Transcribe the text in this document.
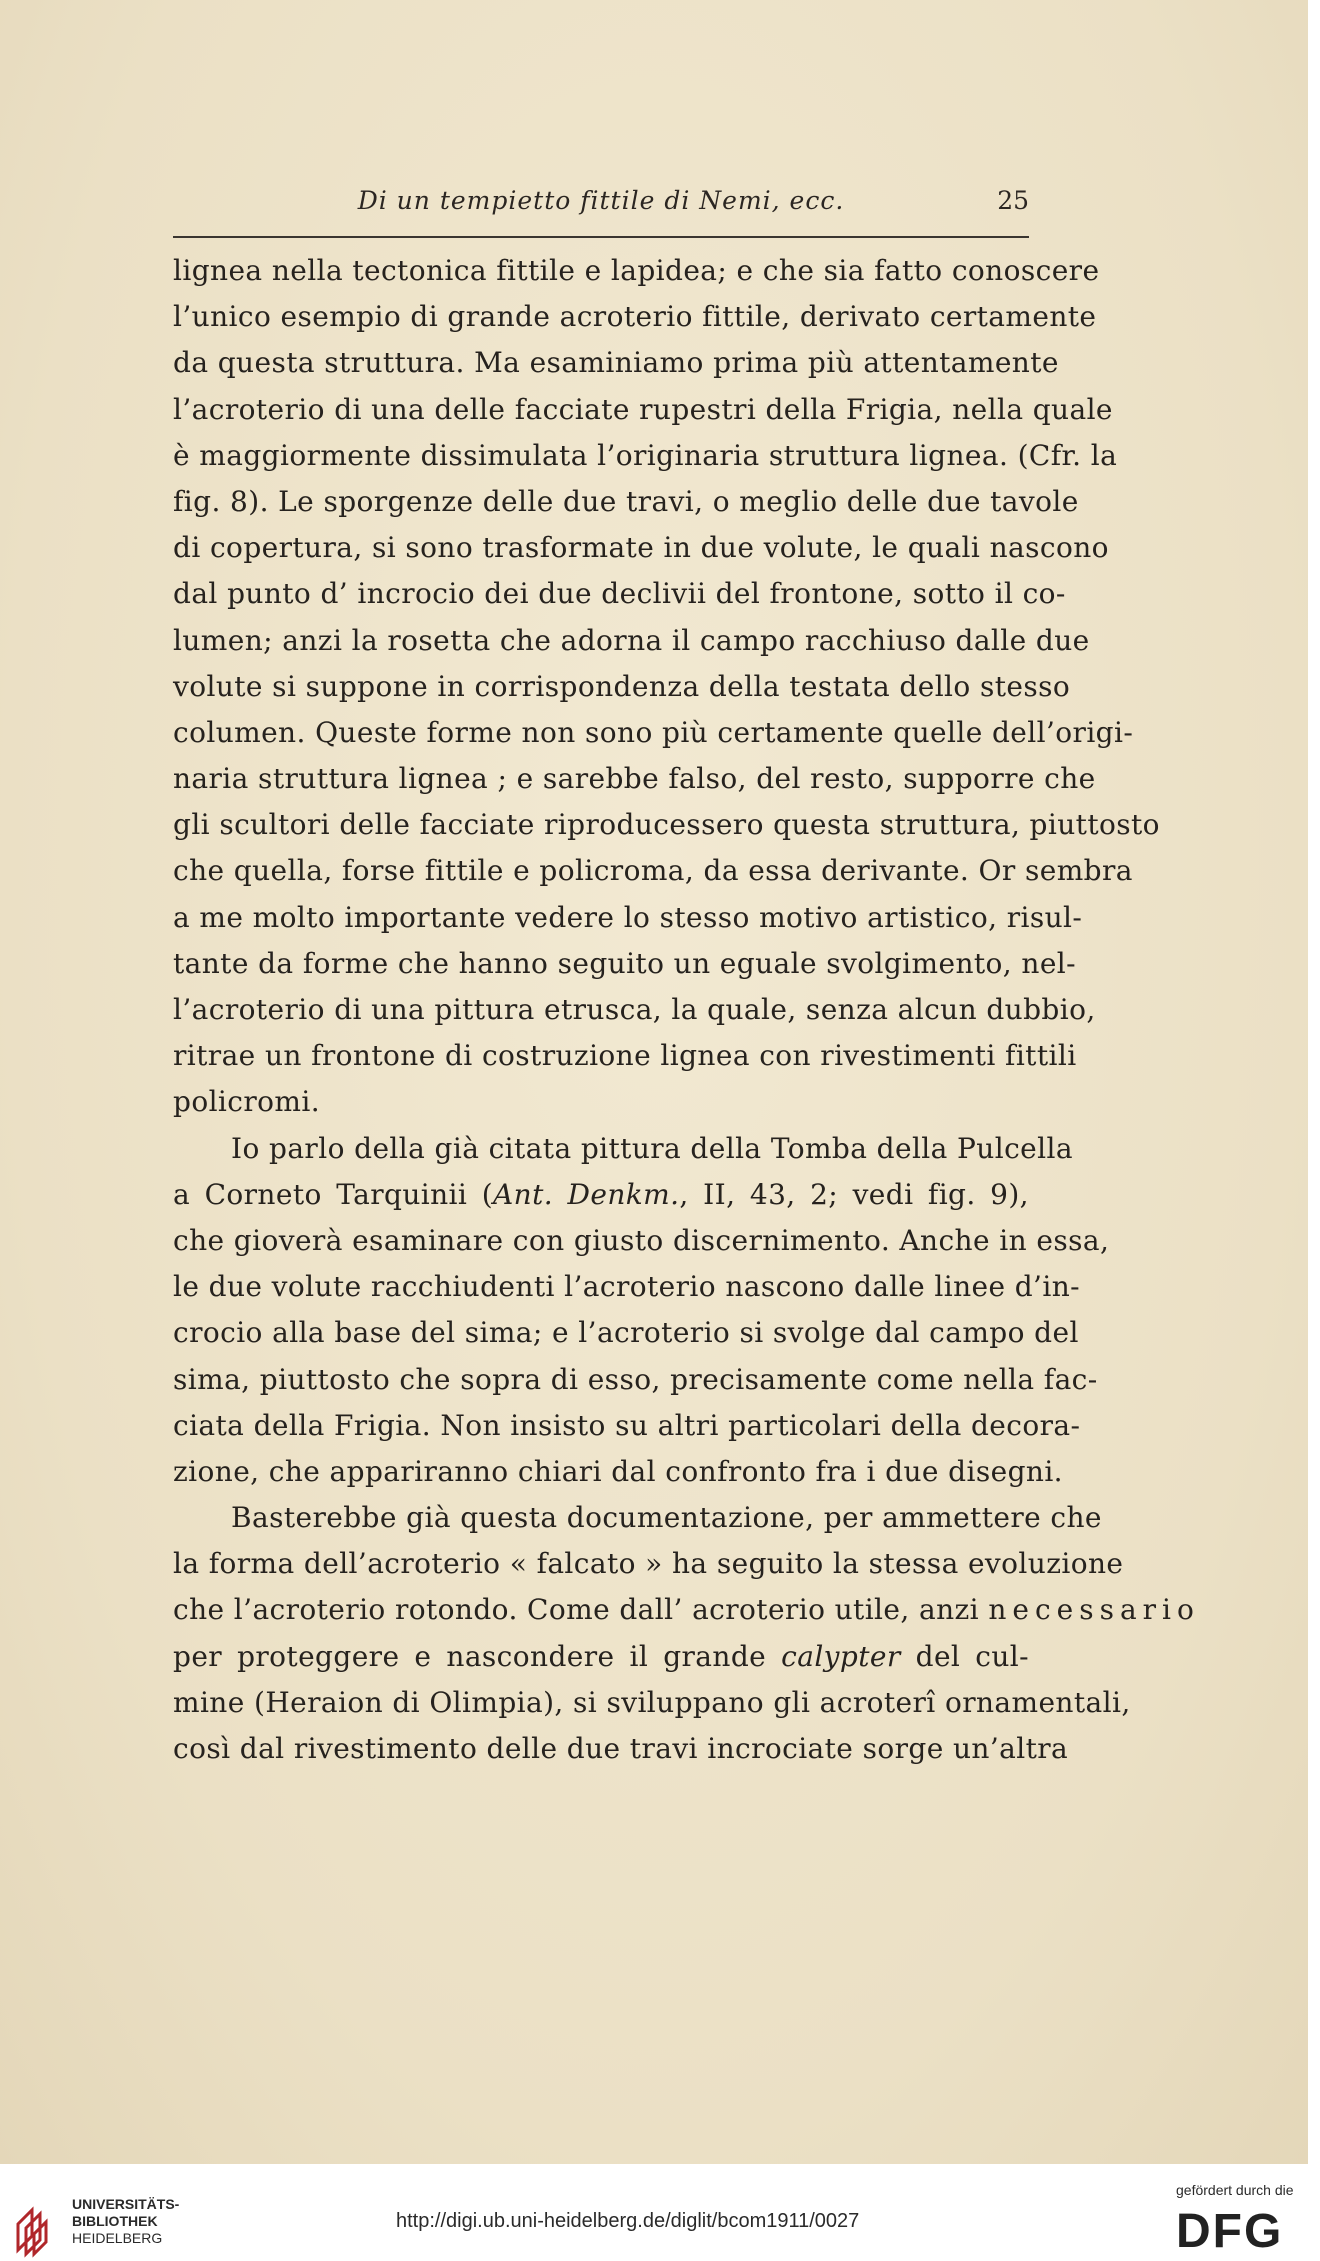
Di un tempietto fittile di Nemi, ecc.	25
lignea nella tectonica fittile e lapidea; e che sia fatto conoscere
l’unico esempio di grande acroterio fittile, derivato certamente
da questa struttura. Ma esaminiamo prima più attentamente
l’acroterio di una delle facciate rupestri della Frigia, nella quale
è maggiormente dissimulata l’originaria struttura lignea. (Cfr. la
fig. 8). Le sporgenze delle due travi, o meglio delle due tavole
di copertura, si sono trasformate in due volute, le quali nascono
dal punto d’ incrocio dei due declivii del frontone, sotto il co-
lumen; anzi la rosetta che adorna il campo racchiuso dalle due
volute si suppone in corrispondenza della testata dello stesso
columen. Queste forme non sono più certamente quelle dell’origi-
naria struttura lignea ; e sarebbe falso, del resto, supporre che
gli scultori delle facciate riproducessero questa struttura, piuttosto
che quella, forse fittile e policroma, da essa derivante. Or sembra
a me molto importante vedere lo stesso motivo artistico, risul-
tante da forme che hanno seguito un eguale svolgimento, nel-
l’acroterio di una pittura etrusca, la quale, senza alcun dubbio,
ritrae un frontone di costruzione lignea con rivestimenti fittili
policromi.
Io parlo della già citata pittura della Tomba della Pulcella
a Corneto Tarquinii (Ant. Denkm., II, 43, 2; vedi fig. 9),
che gioverà esaminare con giusto discernimento. Anche in essa,
le due volute racchiudenti l’acroterio nascono dalle linee d’in-
crocio alla base del sima; e l’acroterio si svolge dal campo del
sima, piuttosto che sopra di esso, precisamente come nella fac-
ciata della Frigia. Non insisto su altri particolari della decora-
zione, che appariranno chiari dal confronto fra i due disegni.
Basterebbe già questa documentazione, per ammettere che
la forma dell’acroterio « falcato » ha seguito la stessa evoluzione
che l’acroterio rotondo. Come dall’ acroterio utile, anzi necessario
per proteggere e nascondere il grande calypter del cul-
mine (Heraion di Olimpia), si sviluppano gli acroterî ornamentali,
così dal rivestimento delle due travi incrociate sorge un’altra
UNIVERSITÄTS-
BIBLIOTHEK
HEIDELBERG
http://digi.ub.uni-heidelberg.de/diglit/bcom1911/0027
gefördert durch die
DFG
